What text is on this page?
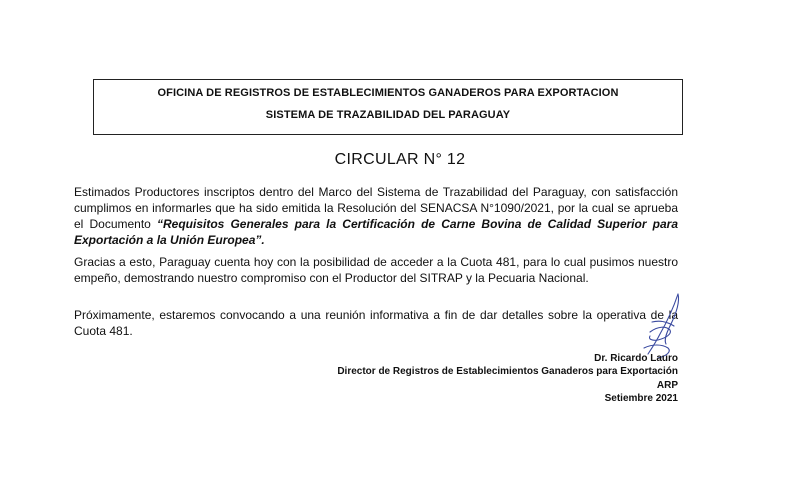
OFICINA DE REGISTROS DE ESTABLECIMIENTOS GANADEROS PARA EXPORTACION
SISTEMA DE TRAZABILIDAD DEL PARAGUAY
CIRCULAR N° 12
Estimados Productores inscriptos dentro del Marco del Sistema de Trazabilidad del Paraguay, con satisfacción cumplimos en informarles que ha sido emitida la Resolución del SENACSA N°1090/2021, por la cual se aprueba el Documento “Requisitos Generales para la Certificación de Carne Bovina de Calidad Superior para Exportación a la Unión Europea”.
Gracias a esto, Paraguay cuenta hoy con la posibilidad de acceder a la Cuota 481, para lo cual pusimos nuestro empeño, demostrando nuestro compromiso con el Productor del SITRAP y la Pecuaria Nacional.
Próximamente, estaremos convocando a una reunión informativa a fin de dar detalles sobre la operativa de la Cuota 481.
Dr. Ricardo Lauro
Director de Registros de Establecimientos Ganaderos para Exportación
ARP
Setiembre 2021
